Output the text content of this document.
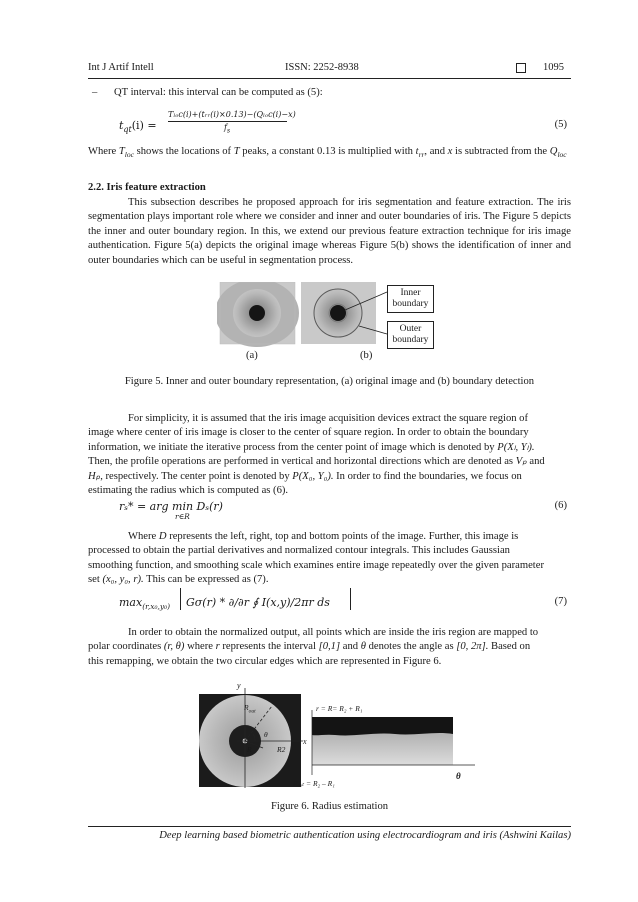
Int J Artif Intell	ISSN: 2252-8938	1095
– QT interval: this interval can be computed as (5):
$t_{qt}(i)$ =
Tₗₒc(i)+(tᵣᵣ(i)×0.13)−(Qₗₒc(i)−x)
$f_s$
(5)
Where $T_{loc}$ shows the locations of T peaks, a constant 0.13 is multiplied with $t_{rr}$, and x is subtracted from the $Q_{loc}$
2.2. Iris feature extraction
This subsection describes he proposed approach for iris segmentation and feature extraction. The iris segmentation plays important role where we consider and inner and outer boundaries of iris. The Figure 5 depicts the inner and outer boundary region. In this, we extend our previous feature extraction technique for iris image authentication. Figure 5(a) depicts the original image whereas Figure 5(b) shows the identification of inner and outer boundaries which can be useful in segmentation process.
Inner
boundary
Outer
boundary
(a)	(b)
Figure 5. Inner and outer boundary representation, (a) original image and (b) boundary detection
For simplicity, it is assumed that the iris image acquisition devices extract the square region of
image where center of iris image is closer to the center of square region. In order to obtain the boundary
information, we initiate the iterative process from the center point of image which is denoted by P(Xₗ, Yₗ).
Then, the profile operations are performed in vertical and horizontal directions which are denoted as Vₚ and
Hₚ, respectively. The center point is denoted by P(X₀, Y₀). In order to find the boundaries, we focus on
estimating the radius which is computed as (6).
rₛ* = arg min Dₛ(r)
r∈R
(6)
Where D represents the left, right, top and bottom points of the image. Further, this image is
processed to obtain the partial derivatives and normalized contour integrals. This includes Gaussian
smoothing function, and smoothing scale which examines entire image repeatedly over the given parameter
set (x₀, y₀, r). This can be expressed as (7).
$\max_{(r,x_0,y_0)} G\sigma(r) * \partial/\partial r$ ∮ I(x,y)/2πr ds	(7)
In order to obtain the normalized output, all points which are inside the iris region are mapped to
polar coordinates (r, θ) where r represents the interval [0,1] and θ denotes the angle as [0, 2π]. Based on
this remapping, we obtain the two circular edges which are represented in Figure 6.
y
x
$R_{out}$
θ
R	R2
r = R= R₂ + R₁
Rₒᵤₜ = R₂ – R₁
θ
Figure 6. Radius estimation
Deep learning based biometric authentication using electrocardiogram and iris (Ashwini Kailas)
